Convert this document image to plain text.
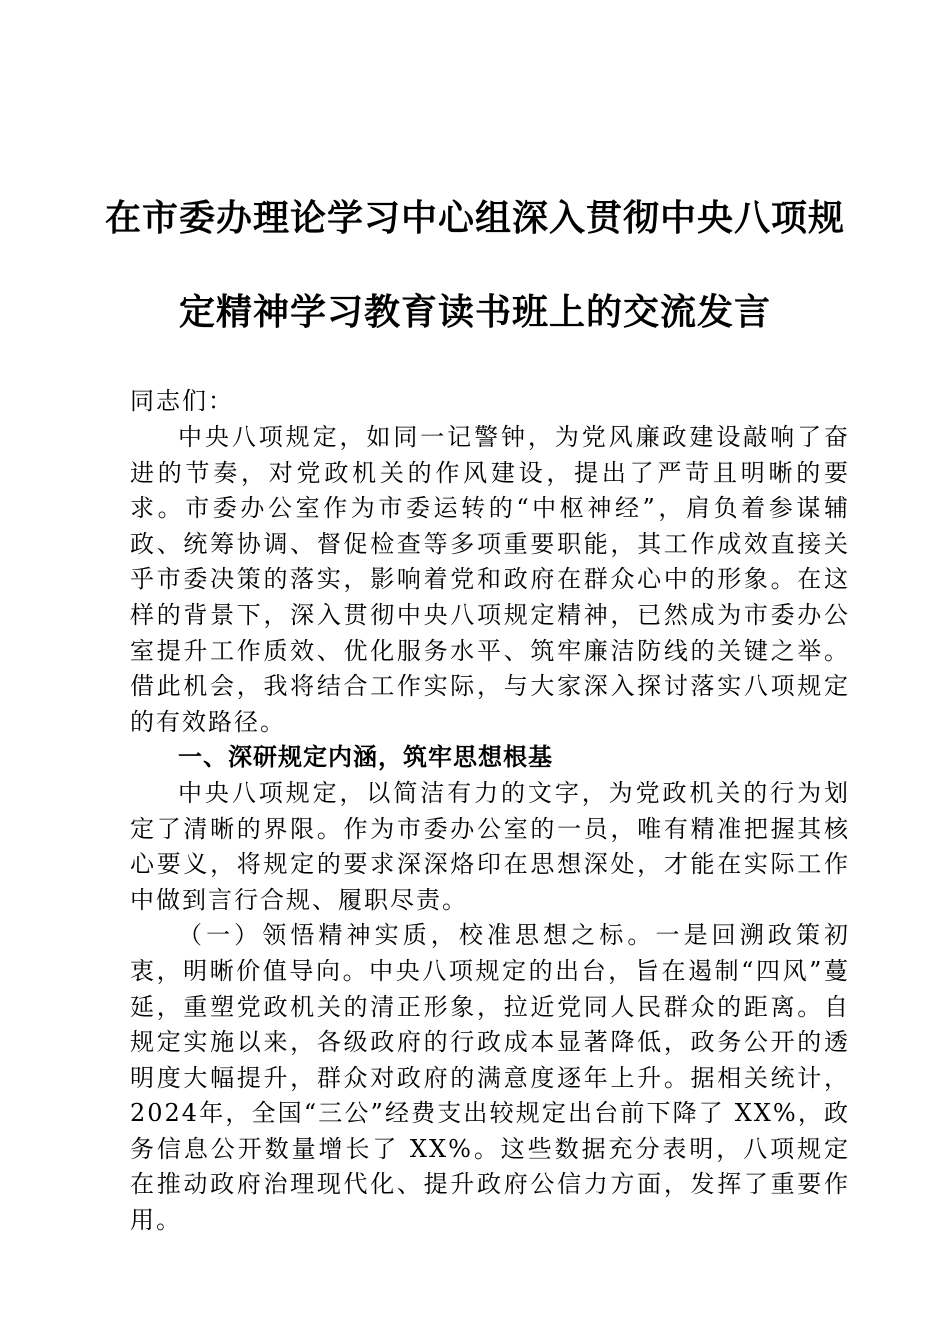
在市委办理论学习中心组深入贯彻中央八项规
定精神学习教育读书班上的交流发言
同志们：

中央八项规定，如同一记警钟，为党风廉政建设敲响了奋进的节奏，对党政机关的作风建设，提出了严苛且明晰的要求。市委办公室作为市委运转的“中枢神经”，肩负着参谋辅政、统筹协调、督促检查等多项重要职能，其工作成效直接关乎市委决策的落实，影响着党和政府在群众心中的形象。在这样的背景下，深入贯彻中央八项规定精神，已然成为市委办公室提升工作质效、优化服务水平、筑牢廉洁防线的关键之举。借此机会，我将结合工作实际，与大家深入探讨落实八项规定的有效路径。

一、深研规定内涵，筑牢思想根基

中央八项规定，以简洁有力的文字，为党政机关的行为划定了清晰的界限。作为市委办公室的一员，唯有精准把握其核心要义，将规定的要求深深烙印在思想深处，才能在实际工作中做到言行合规、履职尽责。

（一）领悟精神实质，校准思想之标。一是回溯政策初衷，明晰价值导向。中央八项规定的出台，旨在遏制“四风”蔓延，重塑党政机关的清正形象，拉近党同人民群众的距离。自规定实施以来，各级政府的行政成本显著降低，政务公开的透明度大幅提升，群众对政府的满意度逐年上升。据相关统计，2024年，全国“三公”经费支出较规定出台前下降了 XX%，政务信息公开数量增长了 XX%。这些数据充分表明，八项规定在推动政府治理现代化、提升政府公信力方面，发挥了重要作用。
